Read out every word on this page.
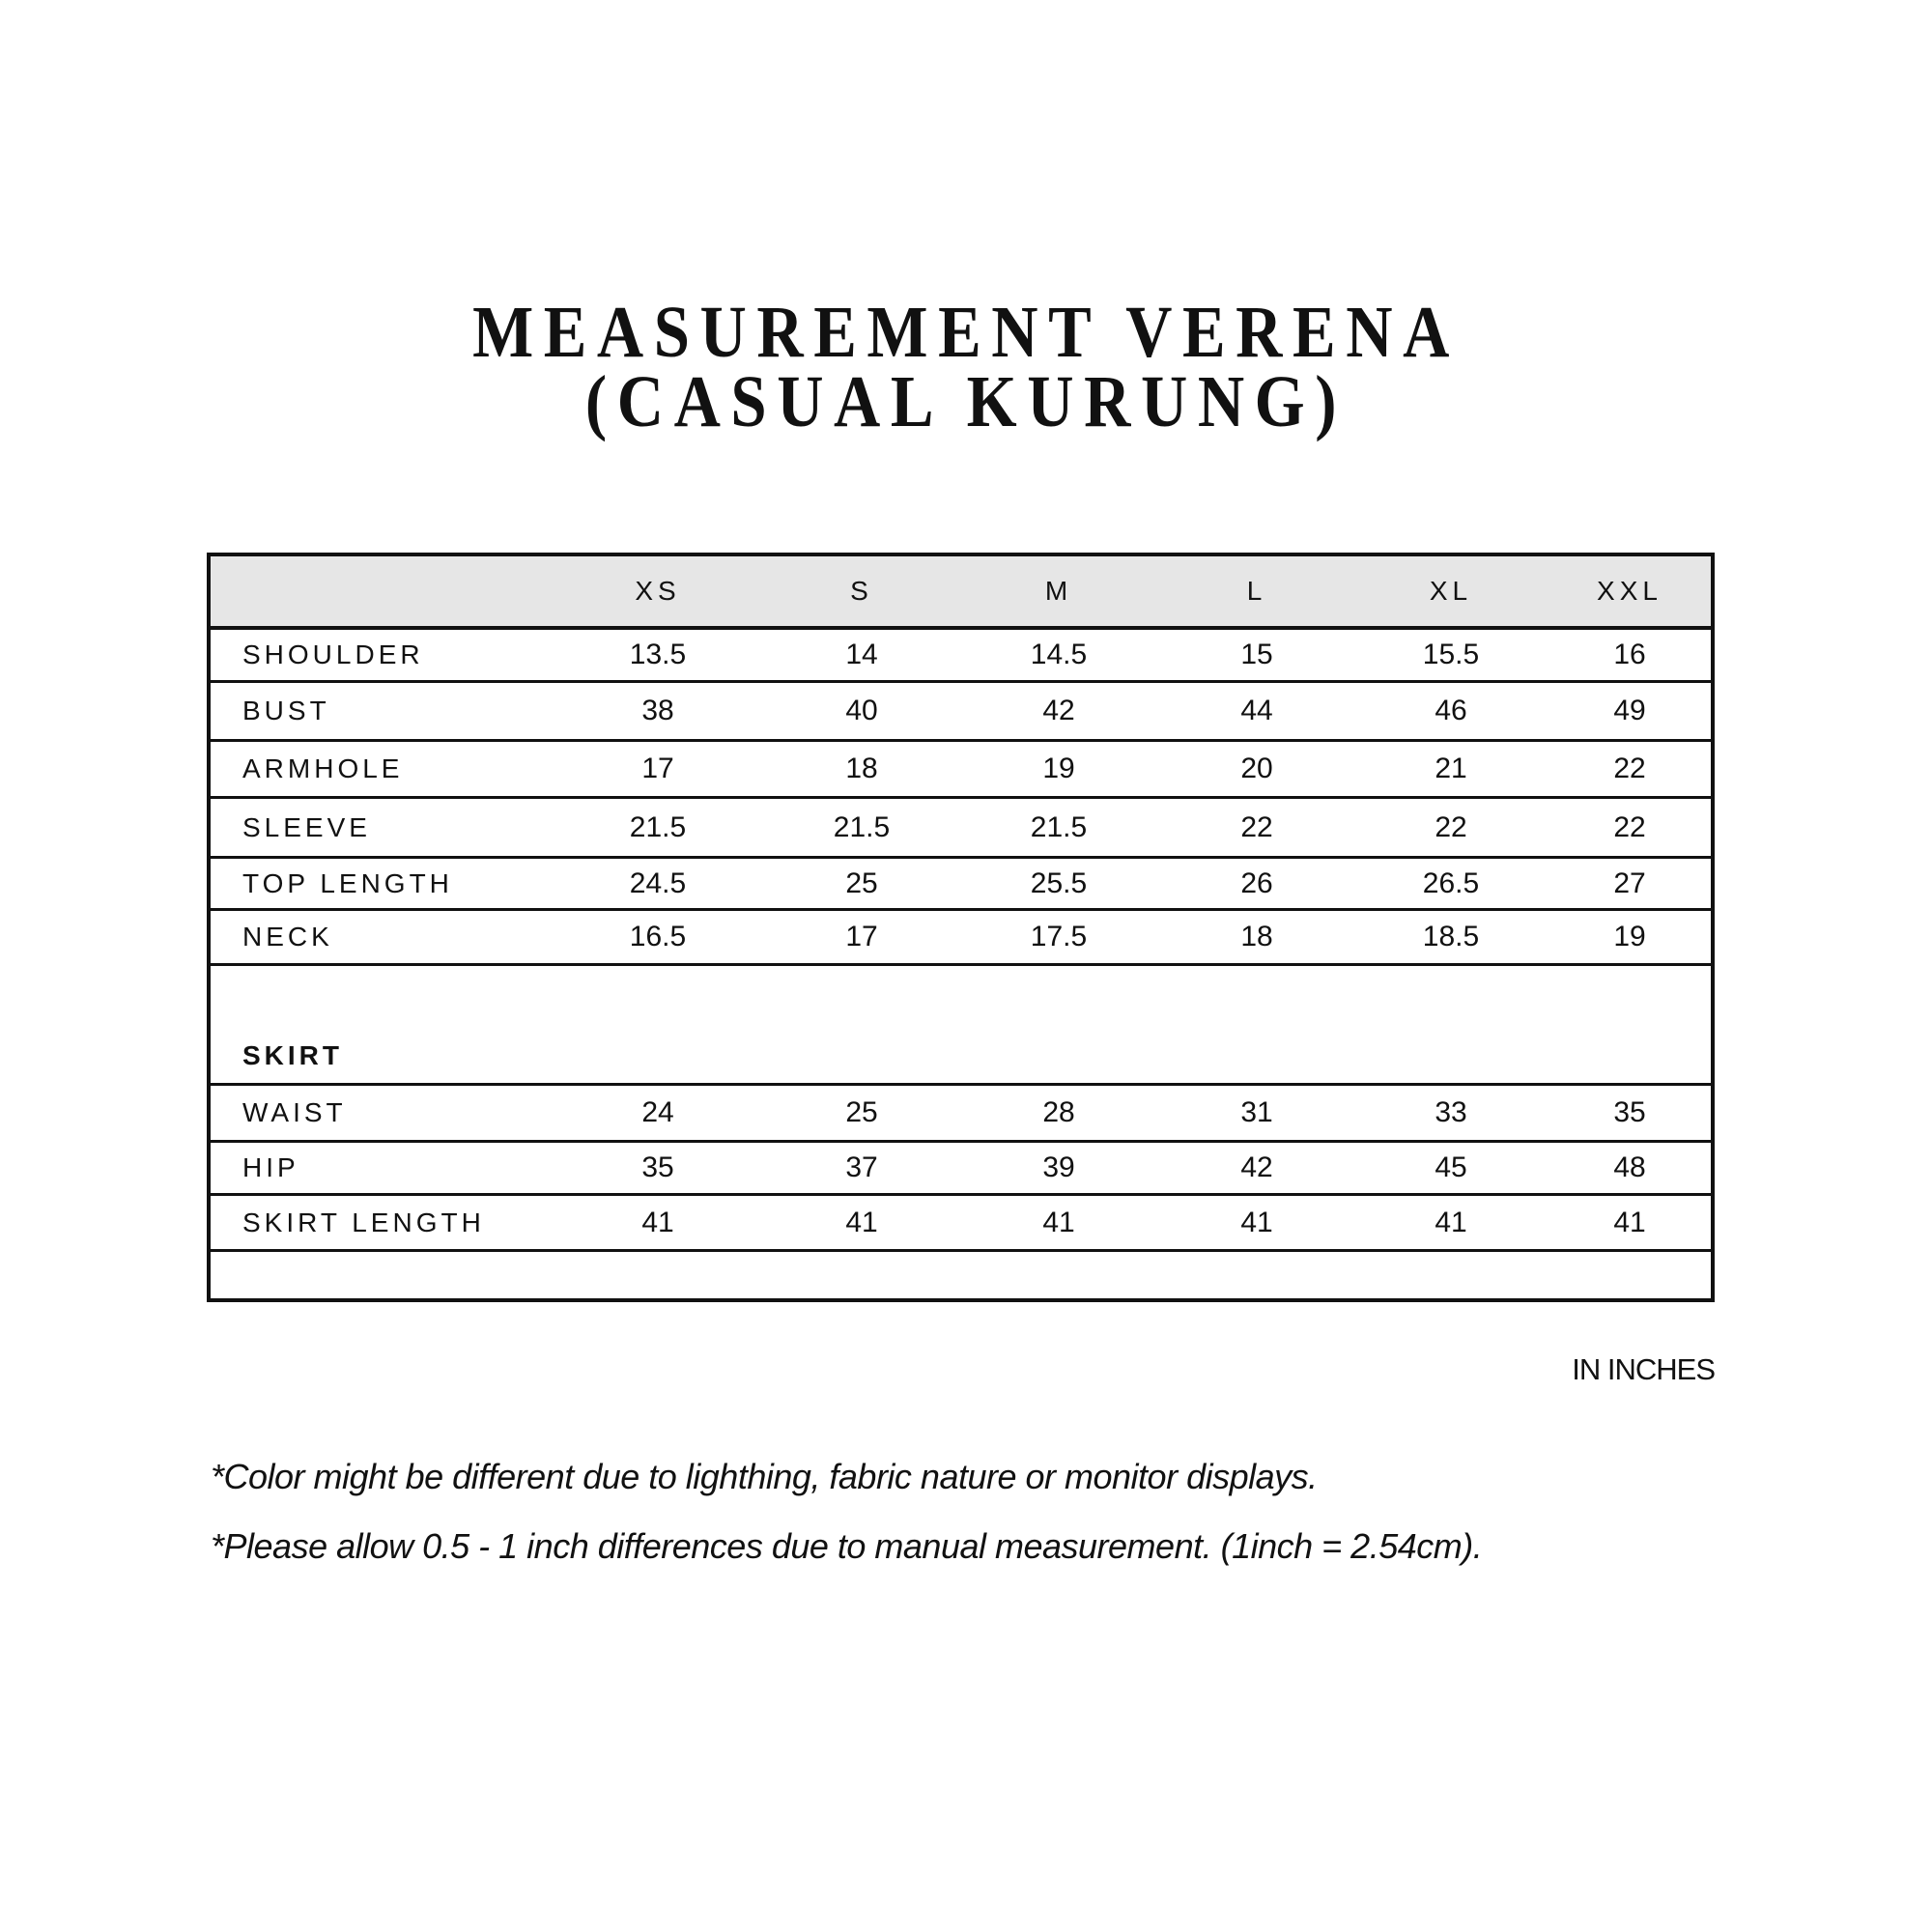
MEASUREMENT VERENA
(CASUAL KURUNG)
XS	S	M	L	XL	XXL
SHOULDER	13.5	14	14.5	15	15.5	16
BUST	38	40	42	44	46	49
ARMHOLE	17	18	19	20	21	22
SLEEVE	21.5	21.5	21.5	22	22	22
TOP LENGTH	24.5	25	25.5	26	26.5	27
NECK	16.5	17	17.5	18	18.5	19
SKIRT
WAIST	24	25	28	31	33	35
HIP	35	37	39	42	45	48
SKIRT LENGTH	41	41	41	41	41	41
IN INCHES
*Color might be different due to lighthing, fabric nature or monitor displays.
*Please allow 0.5 - 1 inch differences due to manual measurement. (1inch = 2.54cm).
